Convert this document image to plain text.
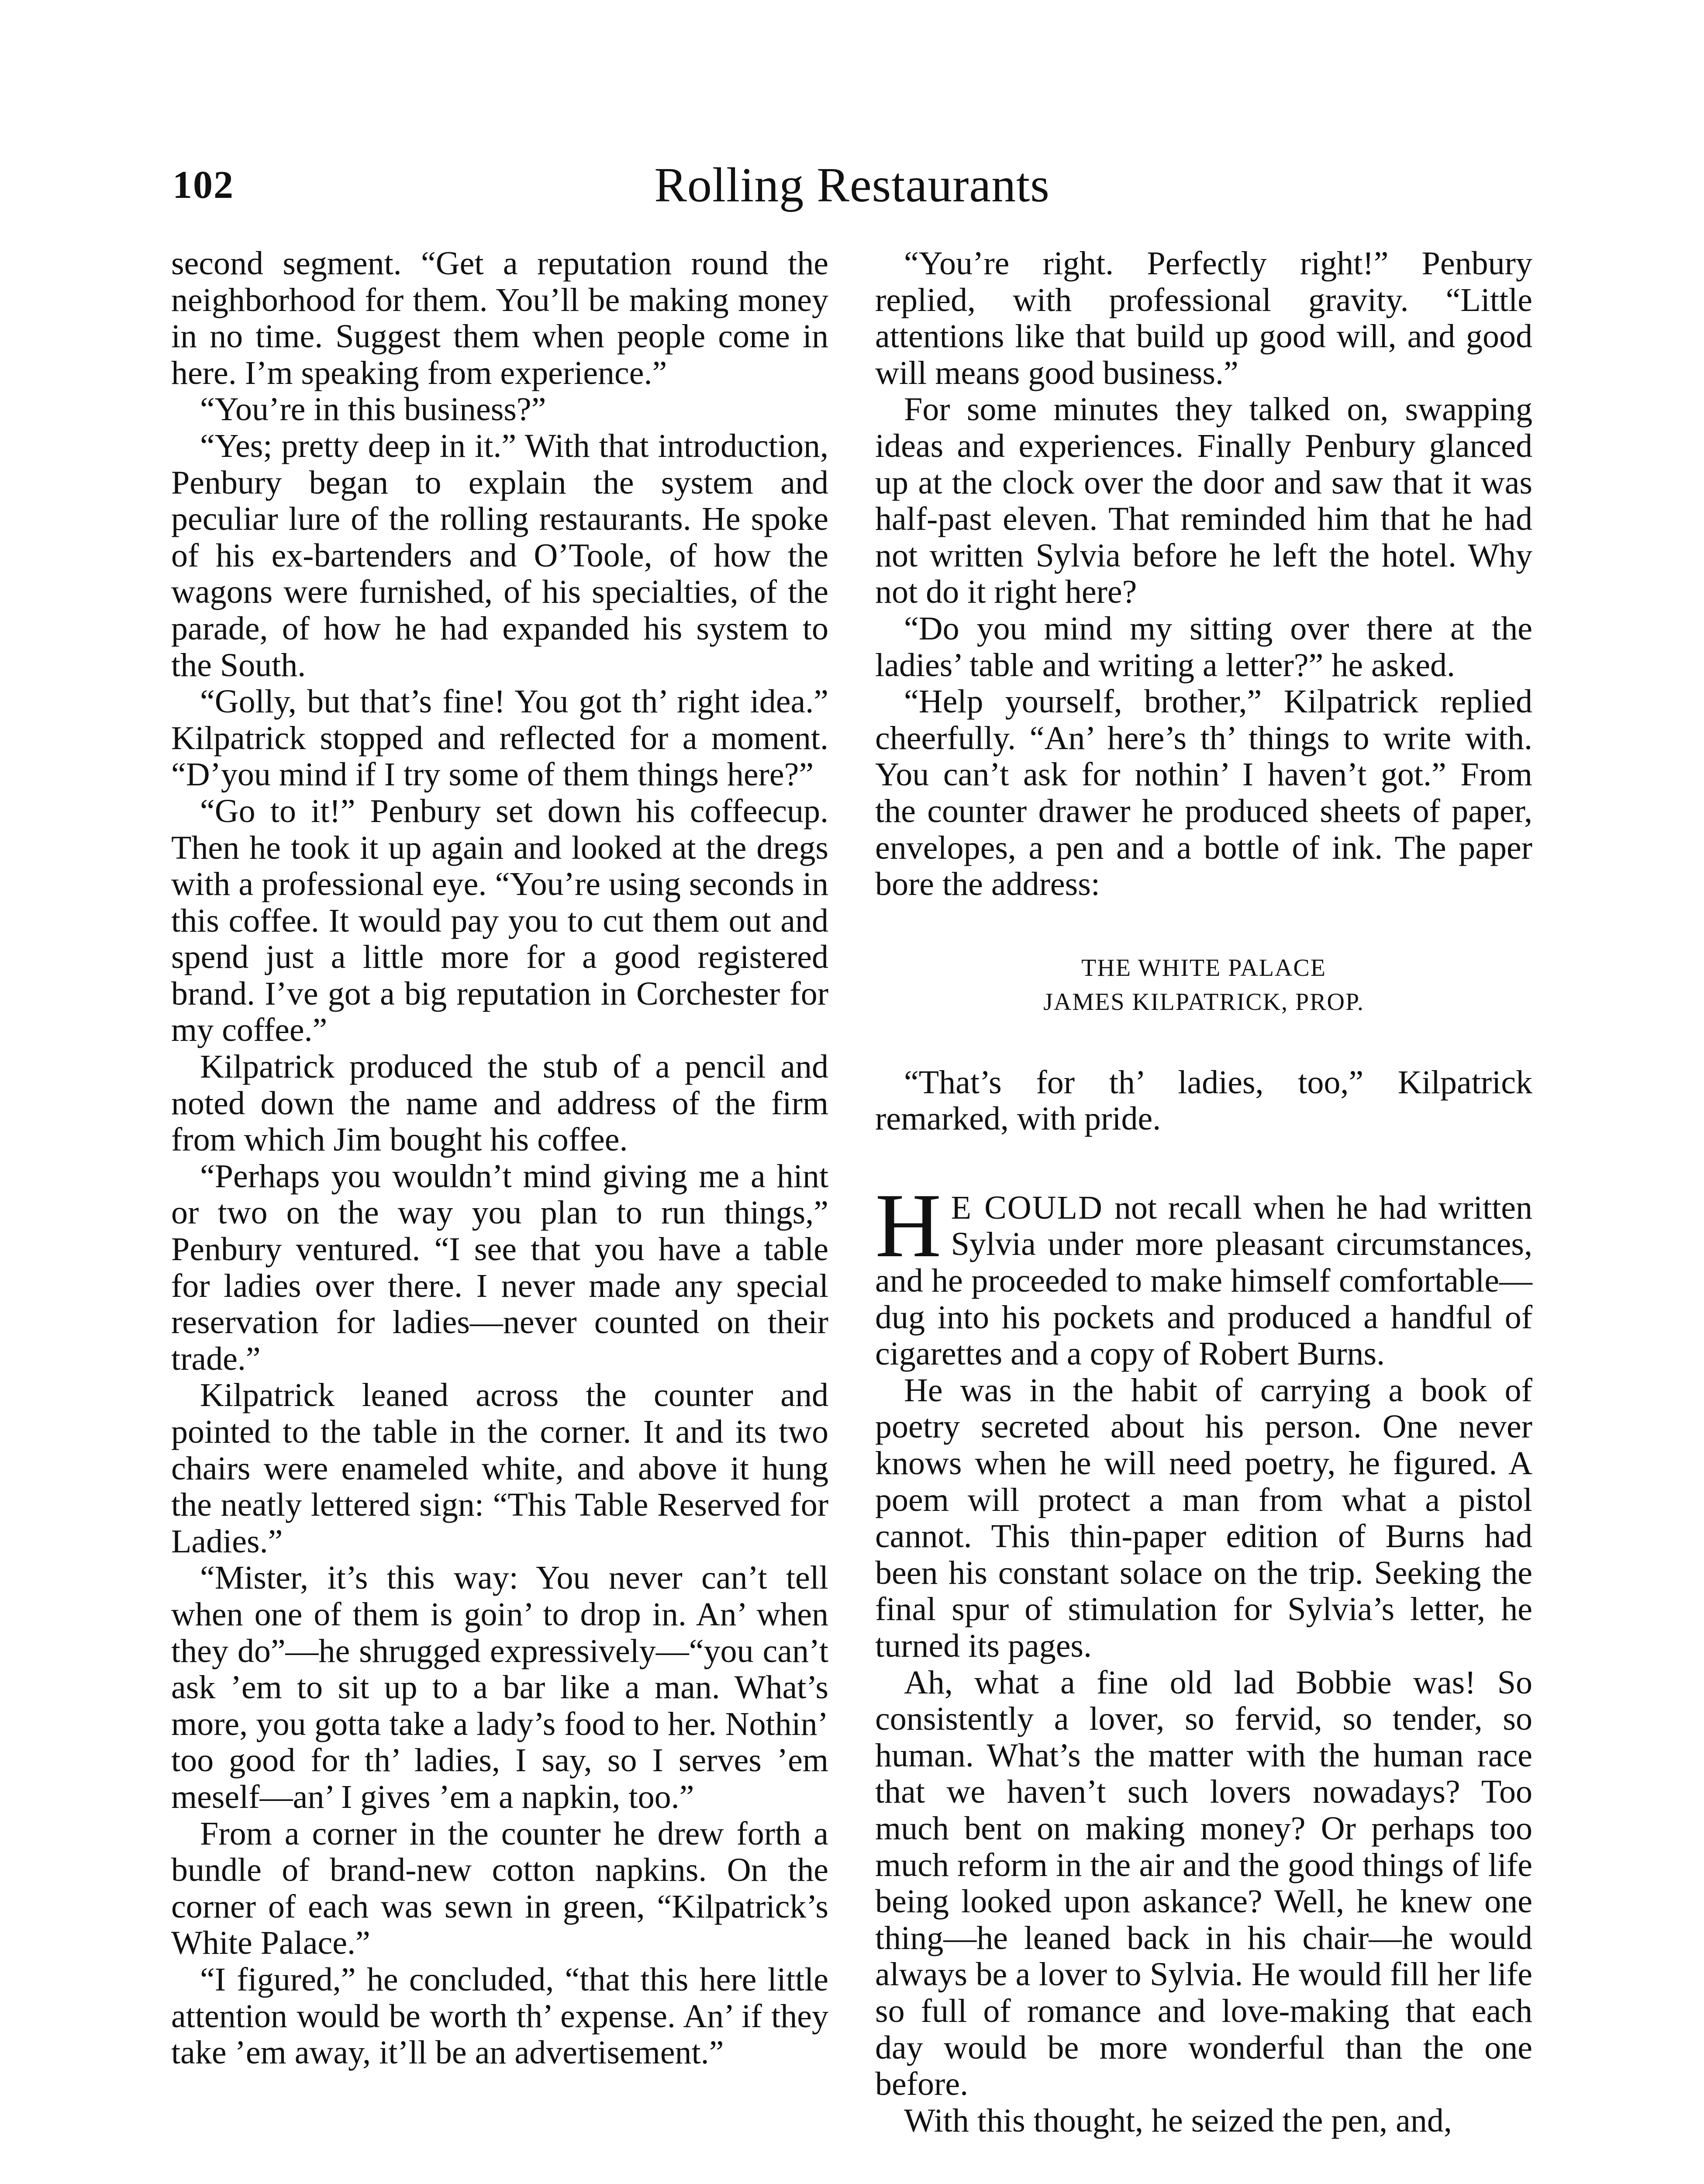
102	Rolling Restaurants

second segment. “Get a reputation round the neighborhood for them. You’ll be making money in no time. Suggest them when people come in here. I’m speaking from experience.”

“You’re in this business?”

“Yes; pretty deep in it.” With that introduction, Penbury began to explain the system and peculiar lure of the rolling restaurants. He spoke of his ex-bartenders and O’Toole, of how the wagons were furnished, of his specialties, of the parade, of how he had expanded his system to the South.

“Golly, but that’s fine! You got th’ right idea.” Kilpatrick stopped and reflected for a moment. “D’you mind if I try some of them things here?”

“Go to it!” Penbury set down his coffeecup. Then he took it up again and looked at the dregs with a professional eye. “You’re using seconds in this coffee. It would pay you to cut them out and spend just a little more for a good registered brand. I’ve got a big reputation in Corchester for my coffee.”

Kilpatrick produced the stub of a pencil and noted down the name and address of the firm from which Jim bought his coffee.

“Perhaps you wouldn’t mind giving me a hint or two on the way you plan to run things,” Penbury ventured. “I see that you have a table for ladies over there. I never made any special reservation for ladies—never counted on their trade.”

Kilpatrick leaned across the counter and pointed to the table in the corner. It and its two chairs were enameled white, and above it hung the neatly lettered sign: “This Table Reserved for Ladies.”

“Mister, it’s this way: You never can’t tell when one of them is goin’ to drop in. An’ when they do”—he shrugged expressively—“you can’t ask ’em to sit up to a bar like a man. What’s more, you gotta take a lady’s food to her. Nothin’ too good for th’ ladies, I say, so I serves ’em meself—an’ I gives ’em a napkin, too.”

From a corner in the counter he drew forth a bundle of brand-new cotton napkins. On the corner of each was sewn in green, “Kilpatrick’s White Palace.”

“I figured,” he concluded, “that this here little attention would be worth th’ expense. An’ if they take ’em away, it’ll be an advertisement.”

“You’re right. Perfectly right!” Penbury replied, with professional gravity. “Little attentions like that build up good will, and good will means good business.”

For some minutes they talked on, swapping ideas and experiences. Finally Penbury glanced up at the clock over the door and saw that it was half-past eleven. That reminded him that he had not written Sylvia before he left the hotel. Why not do it right here?

“Do you mind my sitting over there at the ladies’ table and writing a letter?” he asked.

“Help yourself, brother,” Kilpatrick replied cheerfully. “An’ here’s th’ things to write with. You can’t ask for nothin’ I haven’t got.” From the counter drawer he produced sheets of paper, envelopes, a pen and a bottle of ink. The paper bore the address:

THE WHITE PALACE
JAMES KILPATRICK, PROP.

“That’s for th’ ladies, too,” Kilpatrick remarked, with pride.

H E COULD not recall when he had written Sylvia under more pleasant circumstances, and he proceeded to make himself comfortable—dug into his pockets and produced a handful of cigarettes and a copy of Robert Burns.

He was in the habit of carrying a book of poetry secreted about his person. One never knows when he will need poetry, he figured. A poem will protect a man from what a pistol cannot. This thin-paper edition of Burns had been his constant solace on the trip. Seeking the final spur of stimulation for Sylvia’s letter, he turned its pages.

Ah, what a fine old lad Bobbie was! So consistently a lover, so fervid, so tender, so human. What’s the matter with the human race that we haven’t such lovers nowadays? Too much bent on making money? Or perhaps too much reform in the air and the good things of life being looked upon askance? Well, he knew one thing—he leaned back in his chair—he would always be a lover to Sylvia. He would fill her life so full of romance and love-making that each day would be more wonderful than the one before.

With this thought, he seized the pen, and,
